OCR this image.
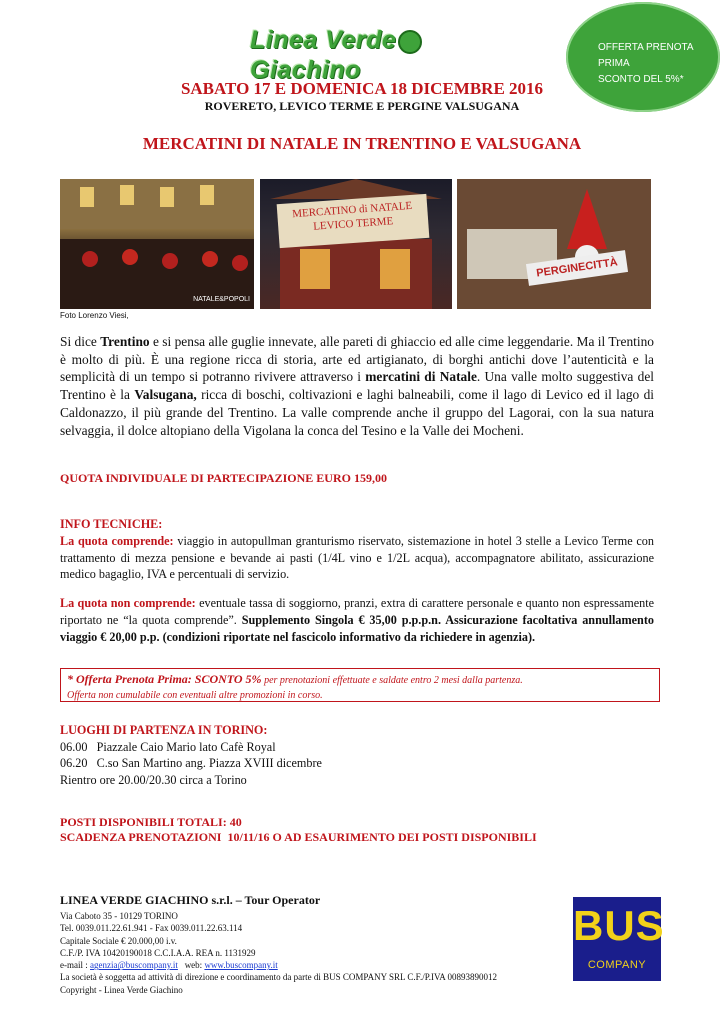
Linea VerdeGiachino
OFFERTA PRENOTA
PRIMA
SCONTO DEL 5%*
SABATO 17 E DOMENICA 18 DICEMBRE 2016
ROVERETO, LEVICO TERME E PERGINE VALSUGANA
MERCATINI DI NATALE IN TRENTINO E VALSUGANA
NATALE&POPOLI
MERCATINO di NATALE
LEVICO TERME
PERGINECITTÀ
Foto Lorenzo Viesi,
Si dice Trentino e si pensa alle guglie innevate, alle pareti di ghiaccio ed alle cime leggendarie. Ma il Trentino è molto di più. È una regione ricca di storia, arte ed artigianato, di borghi antichi dove l’autenticità e la semplicità di un tempo si potranno rivivere attraverso i mercatini di Natale. Una valle molto suggestiva del Trentino è la Valsugana, ricca di boschi, coltivazioni e laghi balneabili, come il lago di Levico ed il lago di Caldonazzo, il più grande del Trentino. La valle comprende anche il gruppo del Lagorai, con la sua natura selvaggia, il dolce altopiano della Vigolana la conca del Tesino e la Valle dei Mocheni.
QUOTA INDIVIDUALE DI PARTECIPAZIONE EURO 159,00
INFO TECNICHE:
La quota comprende: viaggio in autopullman granturismo riservato, sistemazione in hotel 3 stelle a Levico Terme con trattamento di mezza pensione e bevande ai pasti (1/4L vino e 1/2L acqua), accompagnatore abilitato, assicurazione medico bagaglio, IVA e percentuali di servizio.
La quota non comprende: eventuale tassa di soggiorno, pranzi, extra di carattere personale e quanto non espressamente riportato ne “la quota comprende”. Supplemento Singola € 35,00 p.p.p.n. Assicurazione facoltativa annullamento viaggio € 20,00 p.p. (condizioni riportate nel fascicolo informativo da richiedere in agenzia).
* Offerta Prenota Prima: SCONTO 5% per prenotazioni effettuate e saldate entro 2 mesi dalla partenza.
Offerta non cumulabile con eventuali altre promozioni in corso.
LUOGHI DI PARTENZA IN TORINO:
06.00   Piazzale Caio Mario lato Cafè Royal
06.20   C.so San Martino ang. Piazza XVIII dicembre
Rientro ore 20.00/20.30 circa a Torino
POSTI DISPONIBILI TOTALI: 40
SCADENZA PRENOTAZIONI  10/11/16 O AD ESAURIMENTO DEI POSTI DISPONIBILI
LINEA VERDE GIACHINO s.r.l. – Tour Operator
Via Caboto 35 - 10129 TORINO
Tel. 0039.011.22.61.941 - Fax 0039.011.22.63.114
Capitale Sociale € 20.000,00 i.v.
C.F./P. IVA 10420190018 C.C.I.A.A. REA n. 1131929
e-mail : agenzia@buscompany.it   web: www.buscompany.it
La società è soggetta ad attività di direzione e coordinamento da parte di BUS COMPANY SRL C.F./P.IVA 00893890012
Copyright - Linea Verde Giachino
BUS
COMPANY
